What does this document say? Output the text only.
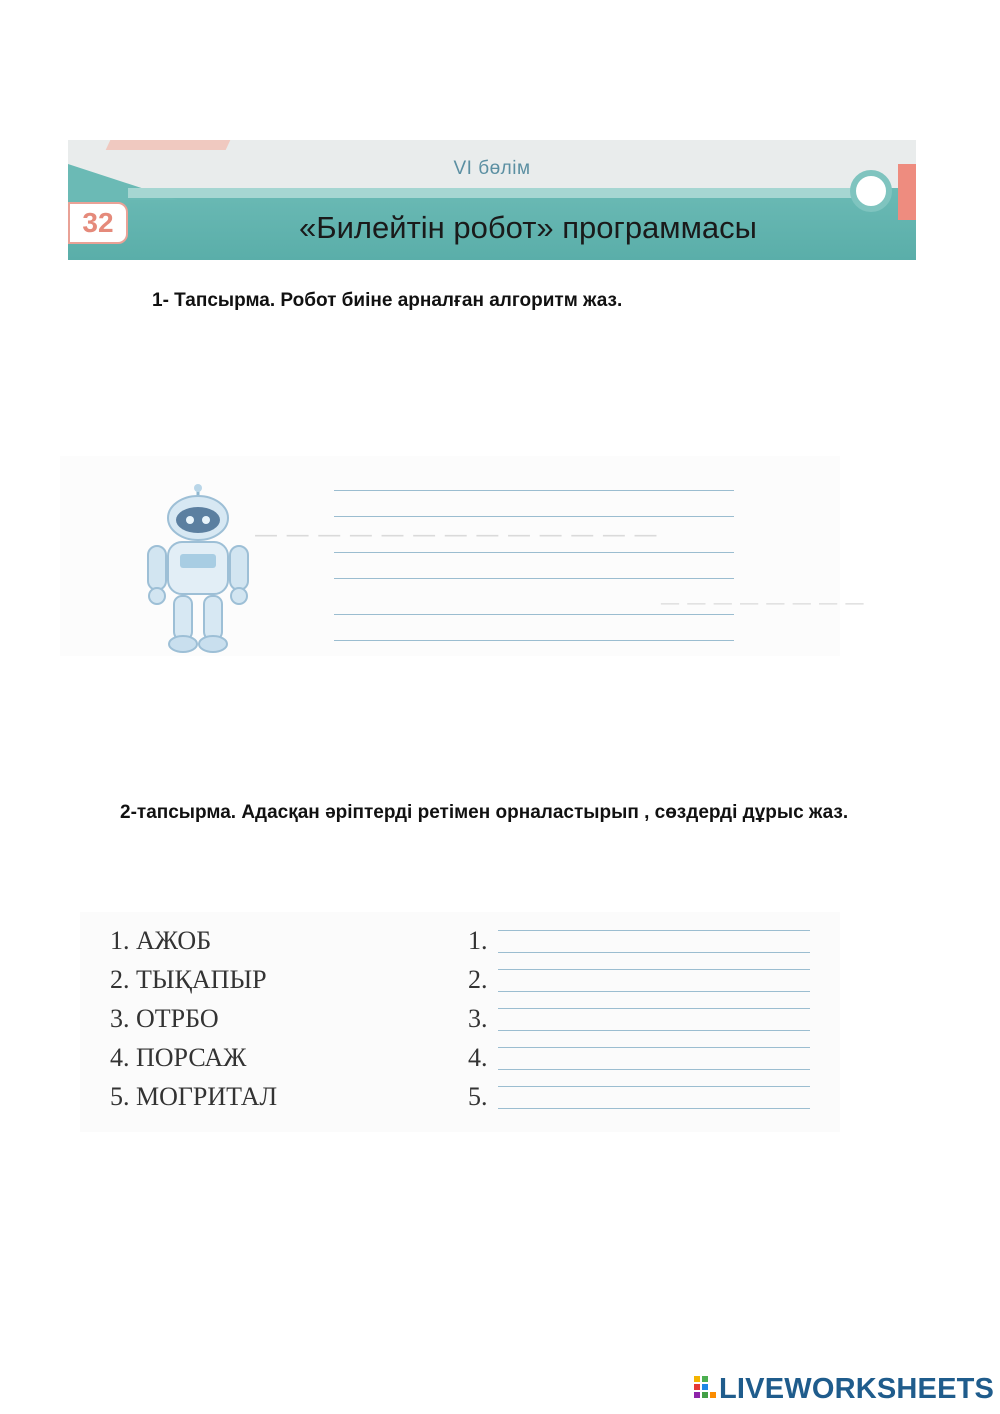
VI бөлім
32	«Билейтін робот» программасы
1- Тапсырма. Робот биіне арналған алгоритм жаз.
— — — — — — — — — — — — —
— — — — — — — —
2-тапсырма. Адасқан әріптерді ретімен орналастырып , сөздерді дұрыс жаз.
1. АЖОБ
2. ТЫҚАПЫР
3. ОТРБО
4. ПОРСАЖ
5. МОГРИТАЛ
1.
2.
3.
4.
5.
LIVEWORKSHEETS
